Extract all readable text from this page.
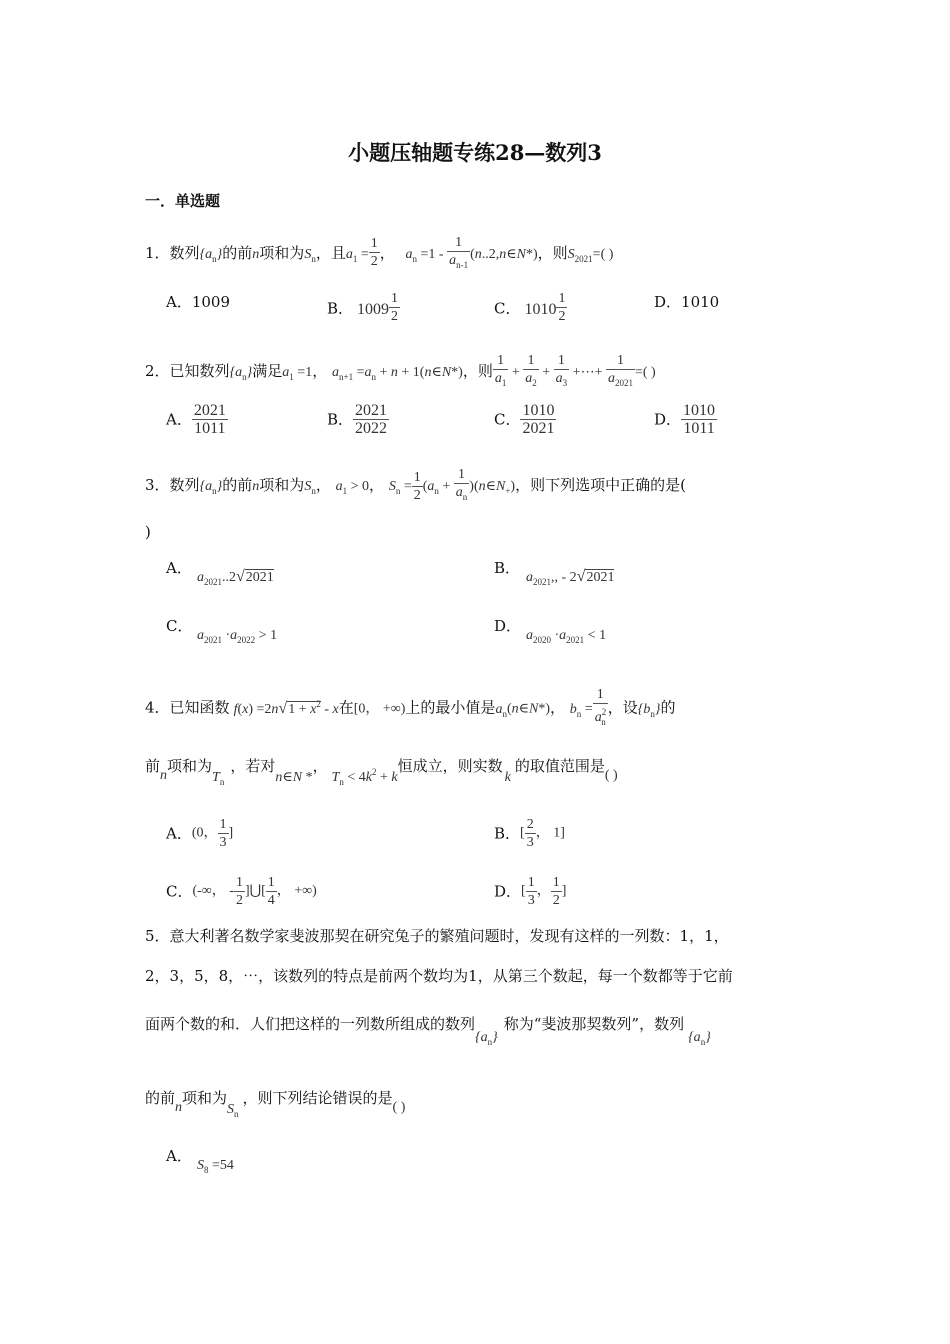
小题压轴题专练28—数列3
一．单选题
1．数列$\{a_n\}$的前n项和为$S_n$，且$a_1 = \frac{1}{2}$ ， $a_n =1 - \frac{1}{a_{n-1}}$ (n..2,n∈N*)，则$S_{2021}=$( )
A．1009	B． $1009 \frac{1}{2}$	C． $1010 \frac{1}{2}$	D．1010
2．已知数列$\{a_n\}$满足$a_1 =1$， $a_{n+1} =a_n + n$ + 1(n∈N*)，则 $\frac{1}{a_1} + \frac{1}{a_2} + \frac{1}{a_3}$ +⋯+ $\frac{1}{a_{2021}}$ =( )
A． $\frac{2021}{1011}$	B． $\frac{2021}{2022}$	C． $\frac{1010}{2021}$	D． $\frac{1010}{1011}$
3．数列$\{a_n\}$的前n项和为$S_n$， $a_1 > 0$， $S_n = \frac{1}{2} (a_n + \frac{1}{a_n}$ )$(n\in N_+)$，则下列选项中正确的是(
)
A．
$a_{2021}..2√2021$
B．
$a_{2021}$,, - 2√2021
C．
$a_{2021} \cdot a_{2022} > 1$
D．
$a_{2020} \cdot a_{2021} < 1$
4．已知函数 $f(x) =2n√1 + x^2 - x$在[0， +∞)上的最小值是$a_n(n\in N*)$， $b_n = \frac{1}{a^2_n}$ ，设$\{b_n\}$的
前n项和为$T_n$，若对n∈N *，$T_n < 4k^2 + k$恒成立，则实数k的取值范围是( )
A．(0， $\frac{1}{3}$ ]	B．[ $\frac{2}{3}$ ， 1]
C．(-∞， - $\frac{1}{2}$ ]⋃[ $\frac{1}{4}$ ， +∞)	D．[ $\frac{1}{3}$ ， $\frac{1}{2}$ ]
5．意大利著名数学家斐波那契在研究兔子的繁殖问题时，发现有这样的一列数：1，1，
2，3，5，8，⋯，该数列的特点是前两个数均为1，从第三个数起，每一个数都等于它前
面两个数的和．人们把这样的一列数所组成的数列$\{a_n\}$称为“斐波那契数列”，数列$\{a_n\}$
的前n项和为$S_n$，则下列结论错误的是( )
A．
$S_8 =54$
